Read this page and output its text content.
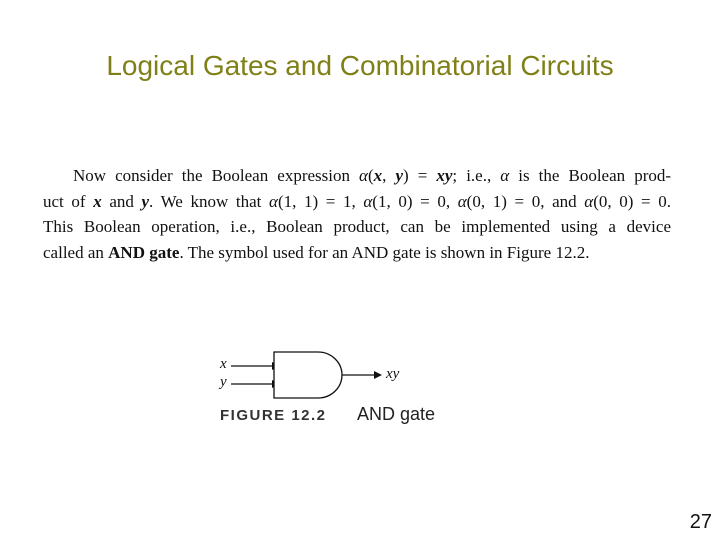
Logical Gates and Combinatorial Circuits
Now consider the Boolean expression α(x, y) = xy; i.e., α is the Boolean prod-
uct of x and y. We know that α(1, 1) = 1, α(1, 0) = 0, α(0, 1) = 0, and α(0, 0) = 0.
This Boolean operation, i.e., Boolean product, can be implemented using a device
called an AND gate. The symbol used for an AND gate is shown in Figure 12.2.
x
y	xy
FIGURE 12.2 AND gate
27
